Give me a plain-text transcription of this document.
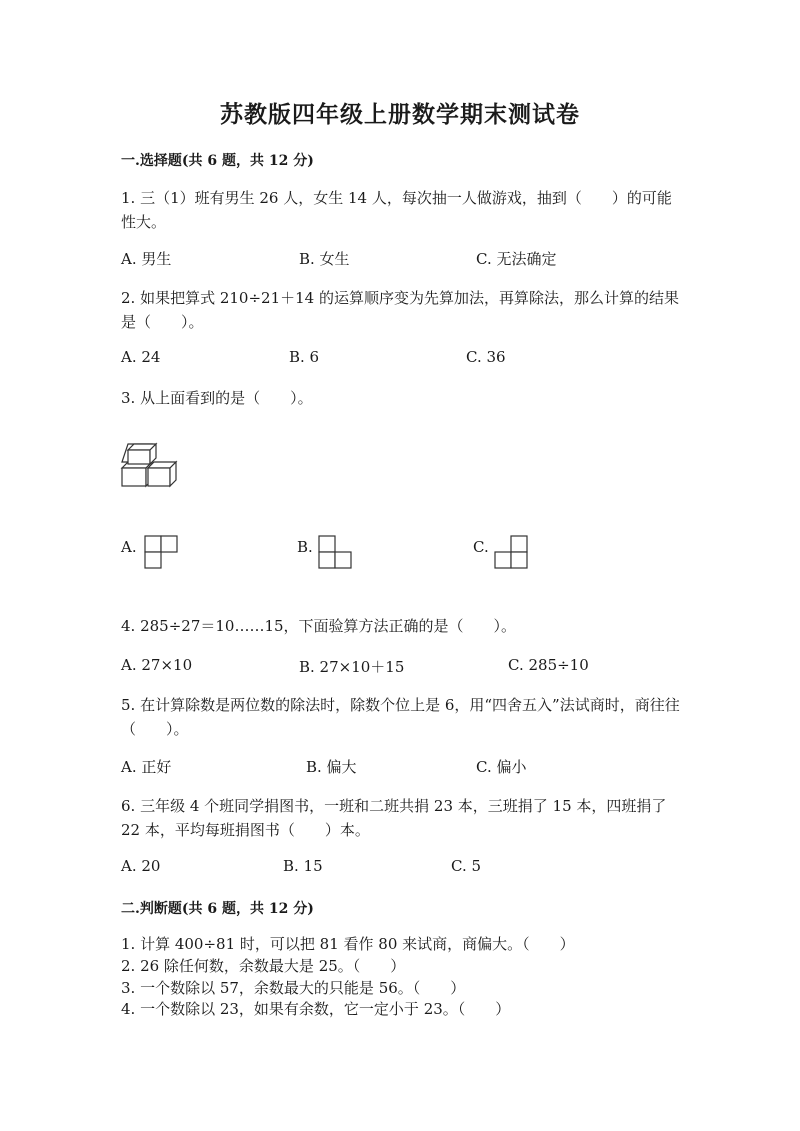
苏教版四年级上册数学期末测试卷
一.选择题(共 6 题，共 12 分)
1. 三（1）班有男生 26 人，女生 14 人，每次抽一人做游戏，抽到（　　）的可能性大。
A. 男生	B. 女生	C. 无法确定
2. 如果把算式 210÷21＋14 的运算顺序变为先算加法，再算除法，那么计算的结果是（　　）。
A. 24	B. 6	C. 36
3. 从上面看到的是（　　）。
A.	B.	C.
4. 285÷27＝10……15，下面验算方法正确的是（　　）。
A. 27×10	B. 27×10＋15	C. 285÷10
5. 在计算除数是两位数的除法时，除数个位上是 6，用“四舍五入”法试商时，商往往（　　）。
A. 正好	B. 偏大	C. 偏小
6. 三年级 4 个班同学捐图书，一班和二班共捐 23 本，三班捐了 15 本，四班捐了 22 本，平均每班捐图书（　　）本。
A. 20	B. 15	C. 5
二.判断题(共 6 题，共 12 分)
1. 计算 400÷81 时，可以把 81 看作 80 来试商，商偏大。（　　）
2. 26 除任何数，余数最大是 25。（　　）
3. 一个数除以 57，余数最大的只能是 56。（　　）
4. 一个数除以 23，如果有余数，它一定小于 23。（　　）
